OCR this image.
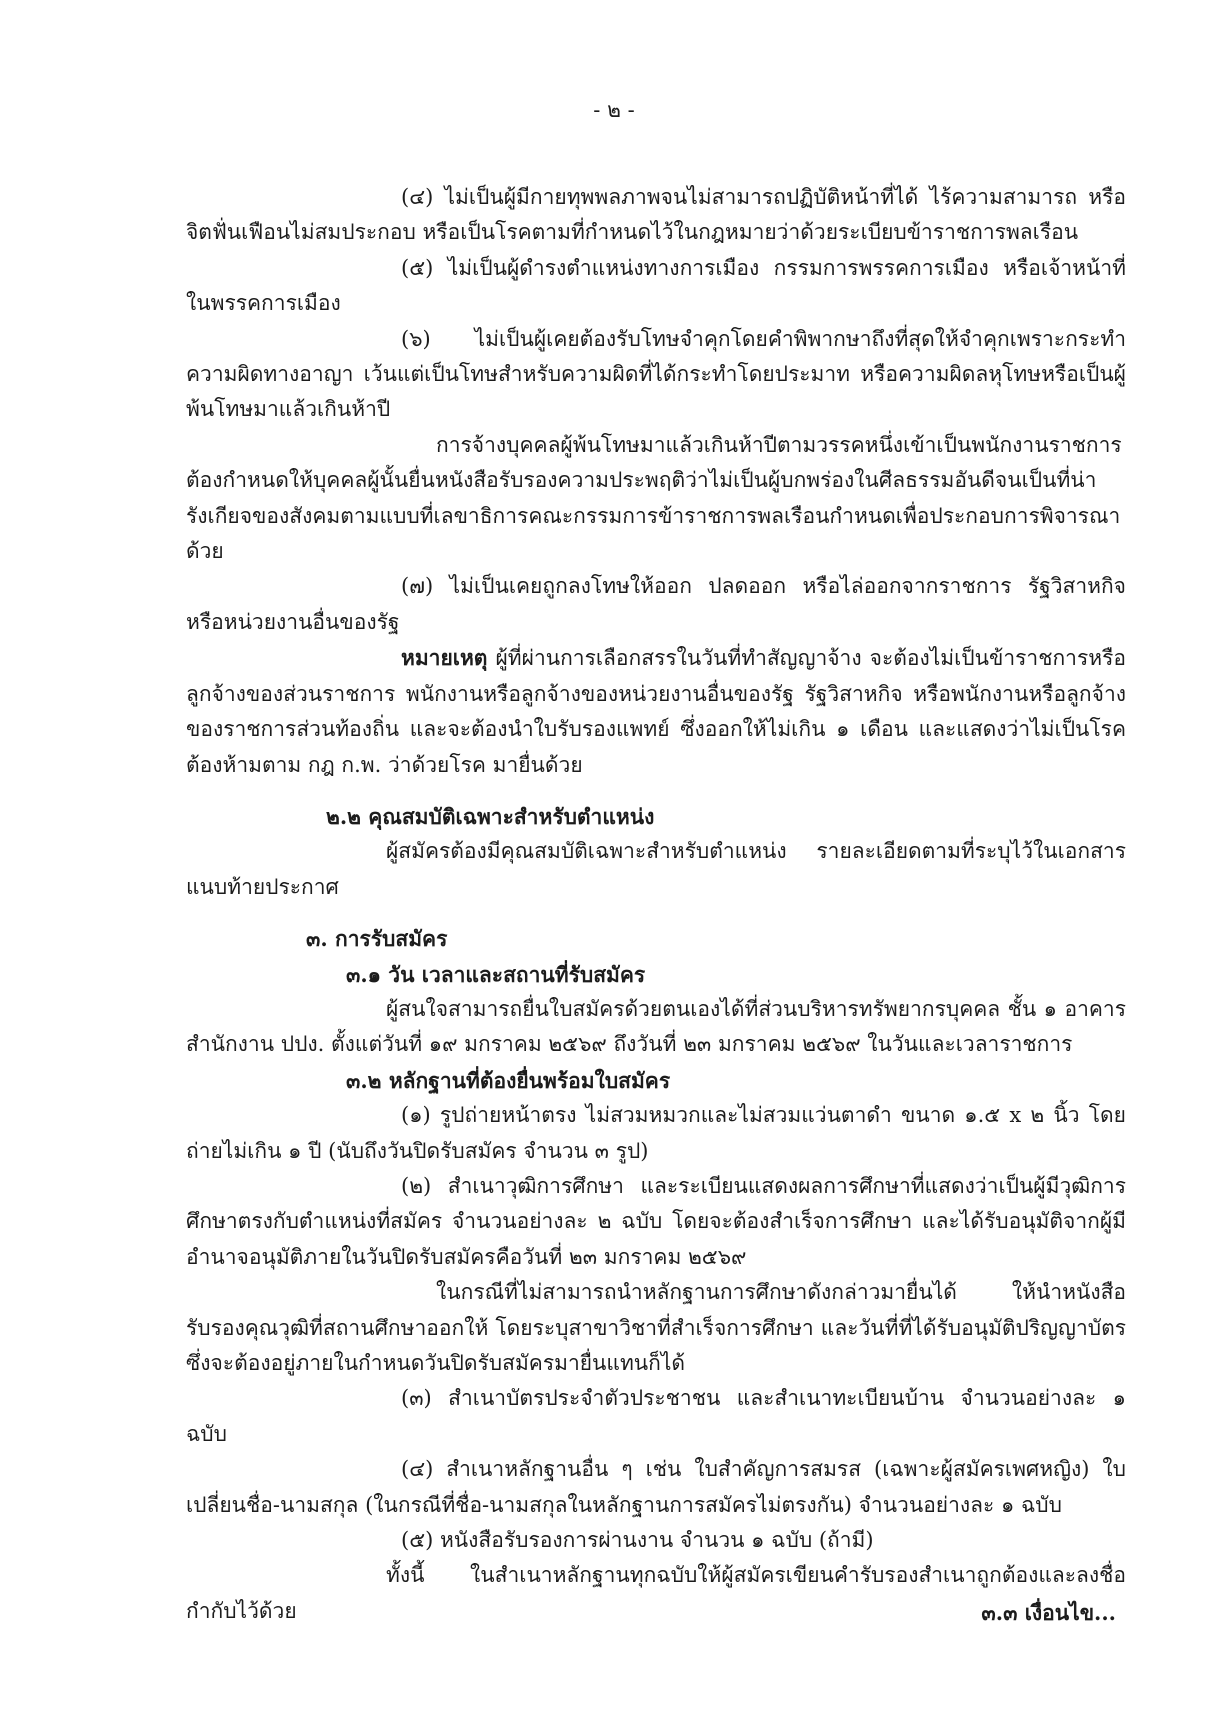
- ๒ -

(๔) ไม่เป็นผู้มีกายทุพพลภาพจนไม่สามารถปฏิบัติหน้าที่ได้ ไร้ความสามารถ หรือจิตฟั่นเฟือนไม่สมประกอบ หรือเป็นโรคตามที่กำหนดไว้ในกฎหมายว่าด้วยระเบียบข้าราชการพลเรือน

(๕) ไม่เป็นผู้ดำรงตำแหน่งทางการเมือง กรรมการพรรคการเมือง หรือเจ้าหน้าที่ในพรรคการเมือง

(๖) ไม่เป็นผู้เคยต้องรับโทษจำคุกโดยคำพิพากษาถึงที่สุดให้จำคุกเพราะกระทำความผิดทางอาญา เว้นแต่เป็นโทษสำหรับความผิดที่ได้กระทำโดยประมาท หรือความผิดลหุโทษหรือเป็นผู้พ้นโทษมาแล้วเกินห้าปี

การจ้างบุคคลผู้พ้นโทษมาแล้วเกินห้าปีตามวรรคหนึ่งเข้าเป็นพนักงานราชการต้องกำหนดให้บุคคลผู้นั้นยื่นหนังสือรับรองความประพฤติว่าไม่เป็นผู้บกพร่องในศีลธรรมอันดีจนเป็นที่น่ารังเกียจของสังคมตามแบบที่เลขาธิการคณะกรรมการข้าราชการพลเรือนกำหนดเพื่อประกอบการพิจารณาด้วย

(๗) ไม่เป็นเคยถูกลงโทษให้ออก ปลดออก หรือไล่ออกจากราชการ รัฐวิสาหกิจ หรือหน่วยงานอื่นของรัฐ

หมายเหตุ ผู้ที่ผ่านการเลือกสรรในวันที่ทำสัญญาจ้าง จะต้องไม่เป็นข้าราชการหรือลูกจ้างของส่วนราชการ พนักงานหรือลูกจ้างของหน่วยงานอื่นของรัฐ รัฐวิสาหกิจ หรือพนักงานหรือลูกจ้างของราชการส่วนท้องถิ่น และจะต้องนำใบรับรองแพทย์ ซึ่งออกให้ไม่เกิน ๑ เดือน และแสดงว่าไม่เป็นโรคต้องห้ามตาม กฎ ก.พ. ว่าด้วยโรค มายื่นด้วย

๒.๒ คุณสมบัติเฉพาะสำหรับตำแหน่ง

ผู้สมัครต้องมีคุณสมบัติเฉพาะสำหรับตำแหน่ง รายละเอียดตามที่ระบุไว้ในเอกสารแนบท้ายประกาศ

๓. การรับสมัคร

๓.๑ วัน เวลาและสถานที่รับสมัคร

ผู้สนใจสามารถยื่นใบสมัครด้วยตนเองได้ที่ส่วนบริหารทรัพยากรบุคคล ชั้น ๑ อาคารสำนักงาน ปปง. ตั้งแต่วันที่ ๑๙ มกราคม ๒๕๖๙ ถึงวันที่ ๒๓ มกราคม ๒๕๖๙ ในวันและเวลาราชการ

๓.๒ หลักฐานที่ต้องยื่นพร้อมใบสมัคร

(๑) รูปถ่ายหน้าตรง ไม่สวมหมวกและไม่สวมแว่นตาดำ ขนาด ๑.๕ x ๒ นิ้ว โดยถ่ายไม่เกิน ๑ ปี (นับถึงวันปิดรับสมัคร จำนวน ๓ รูป)

(๒) สำเนาวุฒิการศึกษา และระเบียนแสดงผลการศึกษาที่แสดงว่าเป็นผู้มีวุฒิการศึกษาตรงกับตำแหน่งที่สมัคร จำนวนอย่างละ ๒ ฉบับ โดยจะต้องสำเร็จการศึกษา และได้รับอนุมัติจากผู้มีอำนาจอนุมัติภายในวันปิดรับสมัครคือวันที่ ๒๓ มกราคม ๒๕๖๙

ในกรณีที่ไม่สามารถนำหลักฐานการศึกษาดังกล่าวมายื่นได้ ให้นำหนังสือรับรองคุณวุฒิที่สถานศึกษาออกให้ โดยระบุสาขาวิชาที่สำเร็จการศึกษา และวันที่ที่ได้รับอนุมัติปริญญาบัตรซึ่งจะต้องอยู่ภายในกำหนดวันปิดรับสมัครมายื่นแทนก็ได้

(๓) สำเนาบัตรประจำตัวประชาชน และสำเนาทะเบียนบ้าน จำนวนอย่างละ ๑ ฉบับ

(๔) สำเนาหลักฐานอื่น ๆ เช่น ใบสำคัญการสมรส (เฉพาะผู้สมัครเพศหญิง) ใบเปลี่ยนชื่อ-นามสกุล (ในกรณีที่ชื่อ-นามสกุลในหลักฐานการสมัครไม่ตรงกัน) จำนวนอย่างละ ๑ ฉบับ

(๕) หนังสือรับรองการผ่านงาน จำนวน ๑ ฉบับ (ถ้ามี)

ทั้งนี้ ในสำเนาหลักฐานทุกฉบับให้ผู้สมัครเขียนคำรับรองสำเนาถูกต้องและลงชื่อกำกับไว้ด้วย	๓.๓ เงื่อนไข...
